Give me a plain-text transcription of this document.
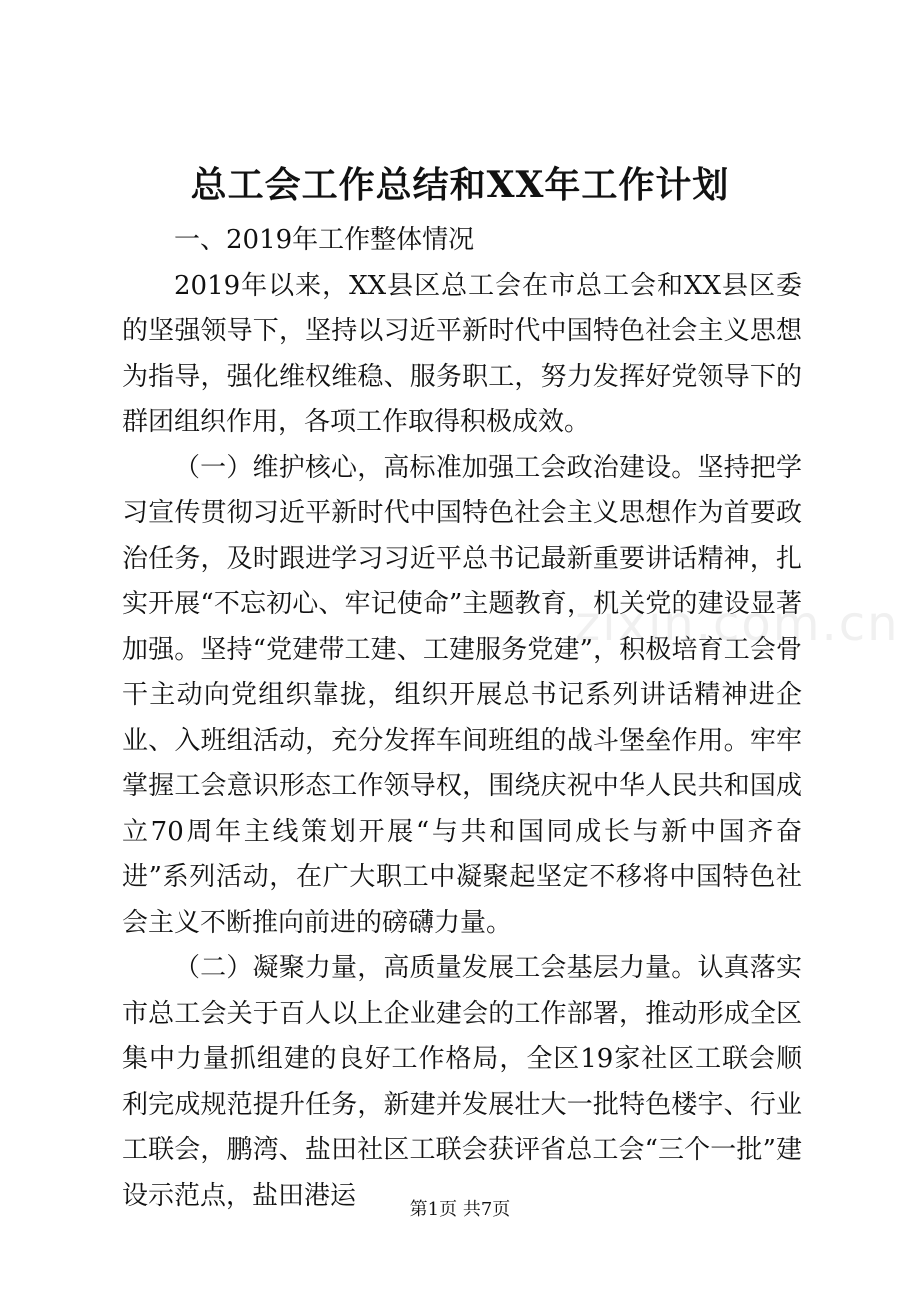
总工会工作总结和XX年工作计划

一、2019年工作整体情况

2019年以来，XX县区总工会在市总工会和XX县区委的坚强领导下，坚持以习近平新时代中国特色社会主义思想为指导，强化维权维稳、服务职工，努力发挥好党领导下的群团组织作用，各项工作取得积极成效。

（一）维护核心，高标准加强工会政治建设。坚持把学习宣传贯彻习近平新时代中国特色社会主义思想作为首要政治任务，及时跟进学习习近平总书记最新重要讲话精神，扎实开展“不忘初心、牢记使命”主题教育，机关党的建设显著加强。坚持“党建带工建、工建服务党建”，积极培育工会骨干主动向党组织靠拢，组织开展总书记系列讲话精神进企业、入班组活动，充分发挥车间班组的战斗堡垒作用。牢牢掌握工会意识形态工作领导权，围绕庆祝中华人民共和国成立70周年主线策划开展“与共和国同成长与新中国齐奋进”系列活动，在广大职工中凝聚起坚定不移将中国特色社会主义不断推向前进的磅礴力量。

（二）凝聚力量，高质量发展工会基层力量。认真落实市总工会关于百人以上企业建会的工作部署，推动形成全区集中力量抓组建的良好工作格局，全区19家社区工联会顺利完成规范提升任务，新建并发展壮大一批特色楼宇、行业工联会，鹏湾、盐田社区工联会获评省总工会“三个一批”建设示范点，盐田港运

zixin.com.cn
第1页 共7页
